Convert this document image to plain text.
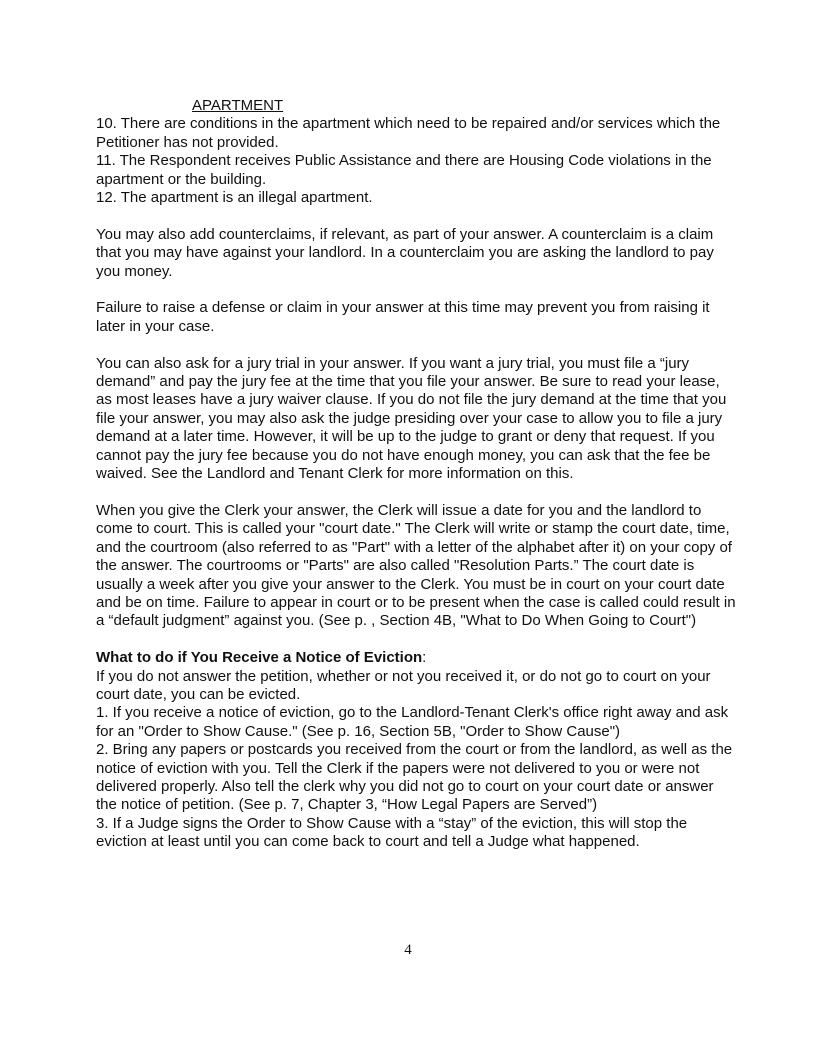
APARTMENT

10. There are conditions in the apartment which need to be repaired and/or services which the Petitioner has not provided.

11. The Respondent receives Public Assistance and there are Housing Code violations in the apartment or the building.

12. The apartment is an illegal apartment.

You may also add counterclaims, if relevant, as part of your answer. A counterclaim is a claim that you may have against your landlord. In a counterclaim you are asking the landlord to pay you money.

Failure to raise a defense or claim in your answer at this time may prevent you from raising it later in your case.

You can also ask for a jury trial in your answer. If you want a jury trial, you must file a “jury demand” and pay the jury fee at the time that you file your answer. Be sure to read your lease, as most leases have a jury waiver clause. If you do not file the jury demand at the time that you file your answer, you may also ask the judge presiding over your case to allow you to file a jury demand at a later time. However, it will be up to the judge to grant or deny that request. If you cannot pay the jury fee because you do not have enough money, you can ask that the fee be waived. See the Landlord and Tenant Clerk for more information on this.

When you give the Clerk your answer, the Clerk will issue a date for you and the landlord to come to court. This is called your "court date." The Clerk will write or stamp the court date, time, and the courtroom (also referred to as "Part" with a letter of the alphabet after it) on your copy of the answer. The courtrooms or "Parts" are also called "Resolution Parts.” The court date is usually a week after you give your answer to the Clerk. You must be in court on your court date and be on time. Failure to appear in court or to be present when the case is called could result in a “default judgment” against you. (See p. , Section 4B, "What to Do When Going to Court")

What to do if You Receive a Notice of Eviction:

If you do not answer the petition, whether or not you received it, or do not go to court on your court date, you can be evicted.

1. If you receive a notice of eviction, go to the Landlord-Tenant Clerk's office right away and ask for an "Order to Show Cause." (See p. 16, Section 5B, "Order to Show Cause")

2. Bring any papers or postcards you received from the court or from the landlord, as well as the notice of eviction with you. Tell the Clerk if the papers were not delivered to you or were not delivered properly. Also tell the clerk why you did not go to court on your court date or answer the notice of petition. (See p. 7, Chapter 3, “How Legal Papers are Served”)

3. If a Judge signs the Order to Show Cause with a “stay” of the eviction, this will stop the eviction at least until you can come back to court and tell a Judge what happened.

4
